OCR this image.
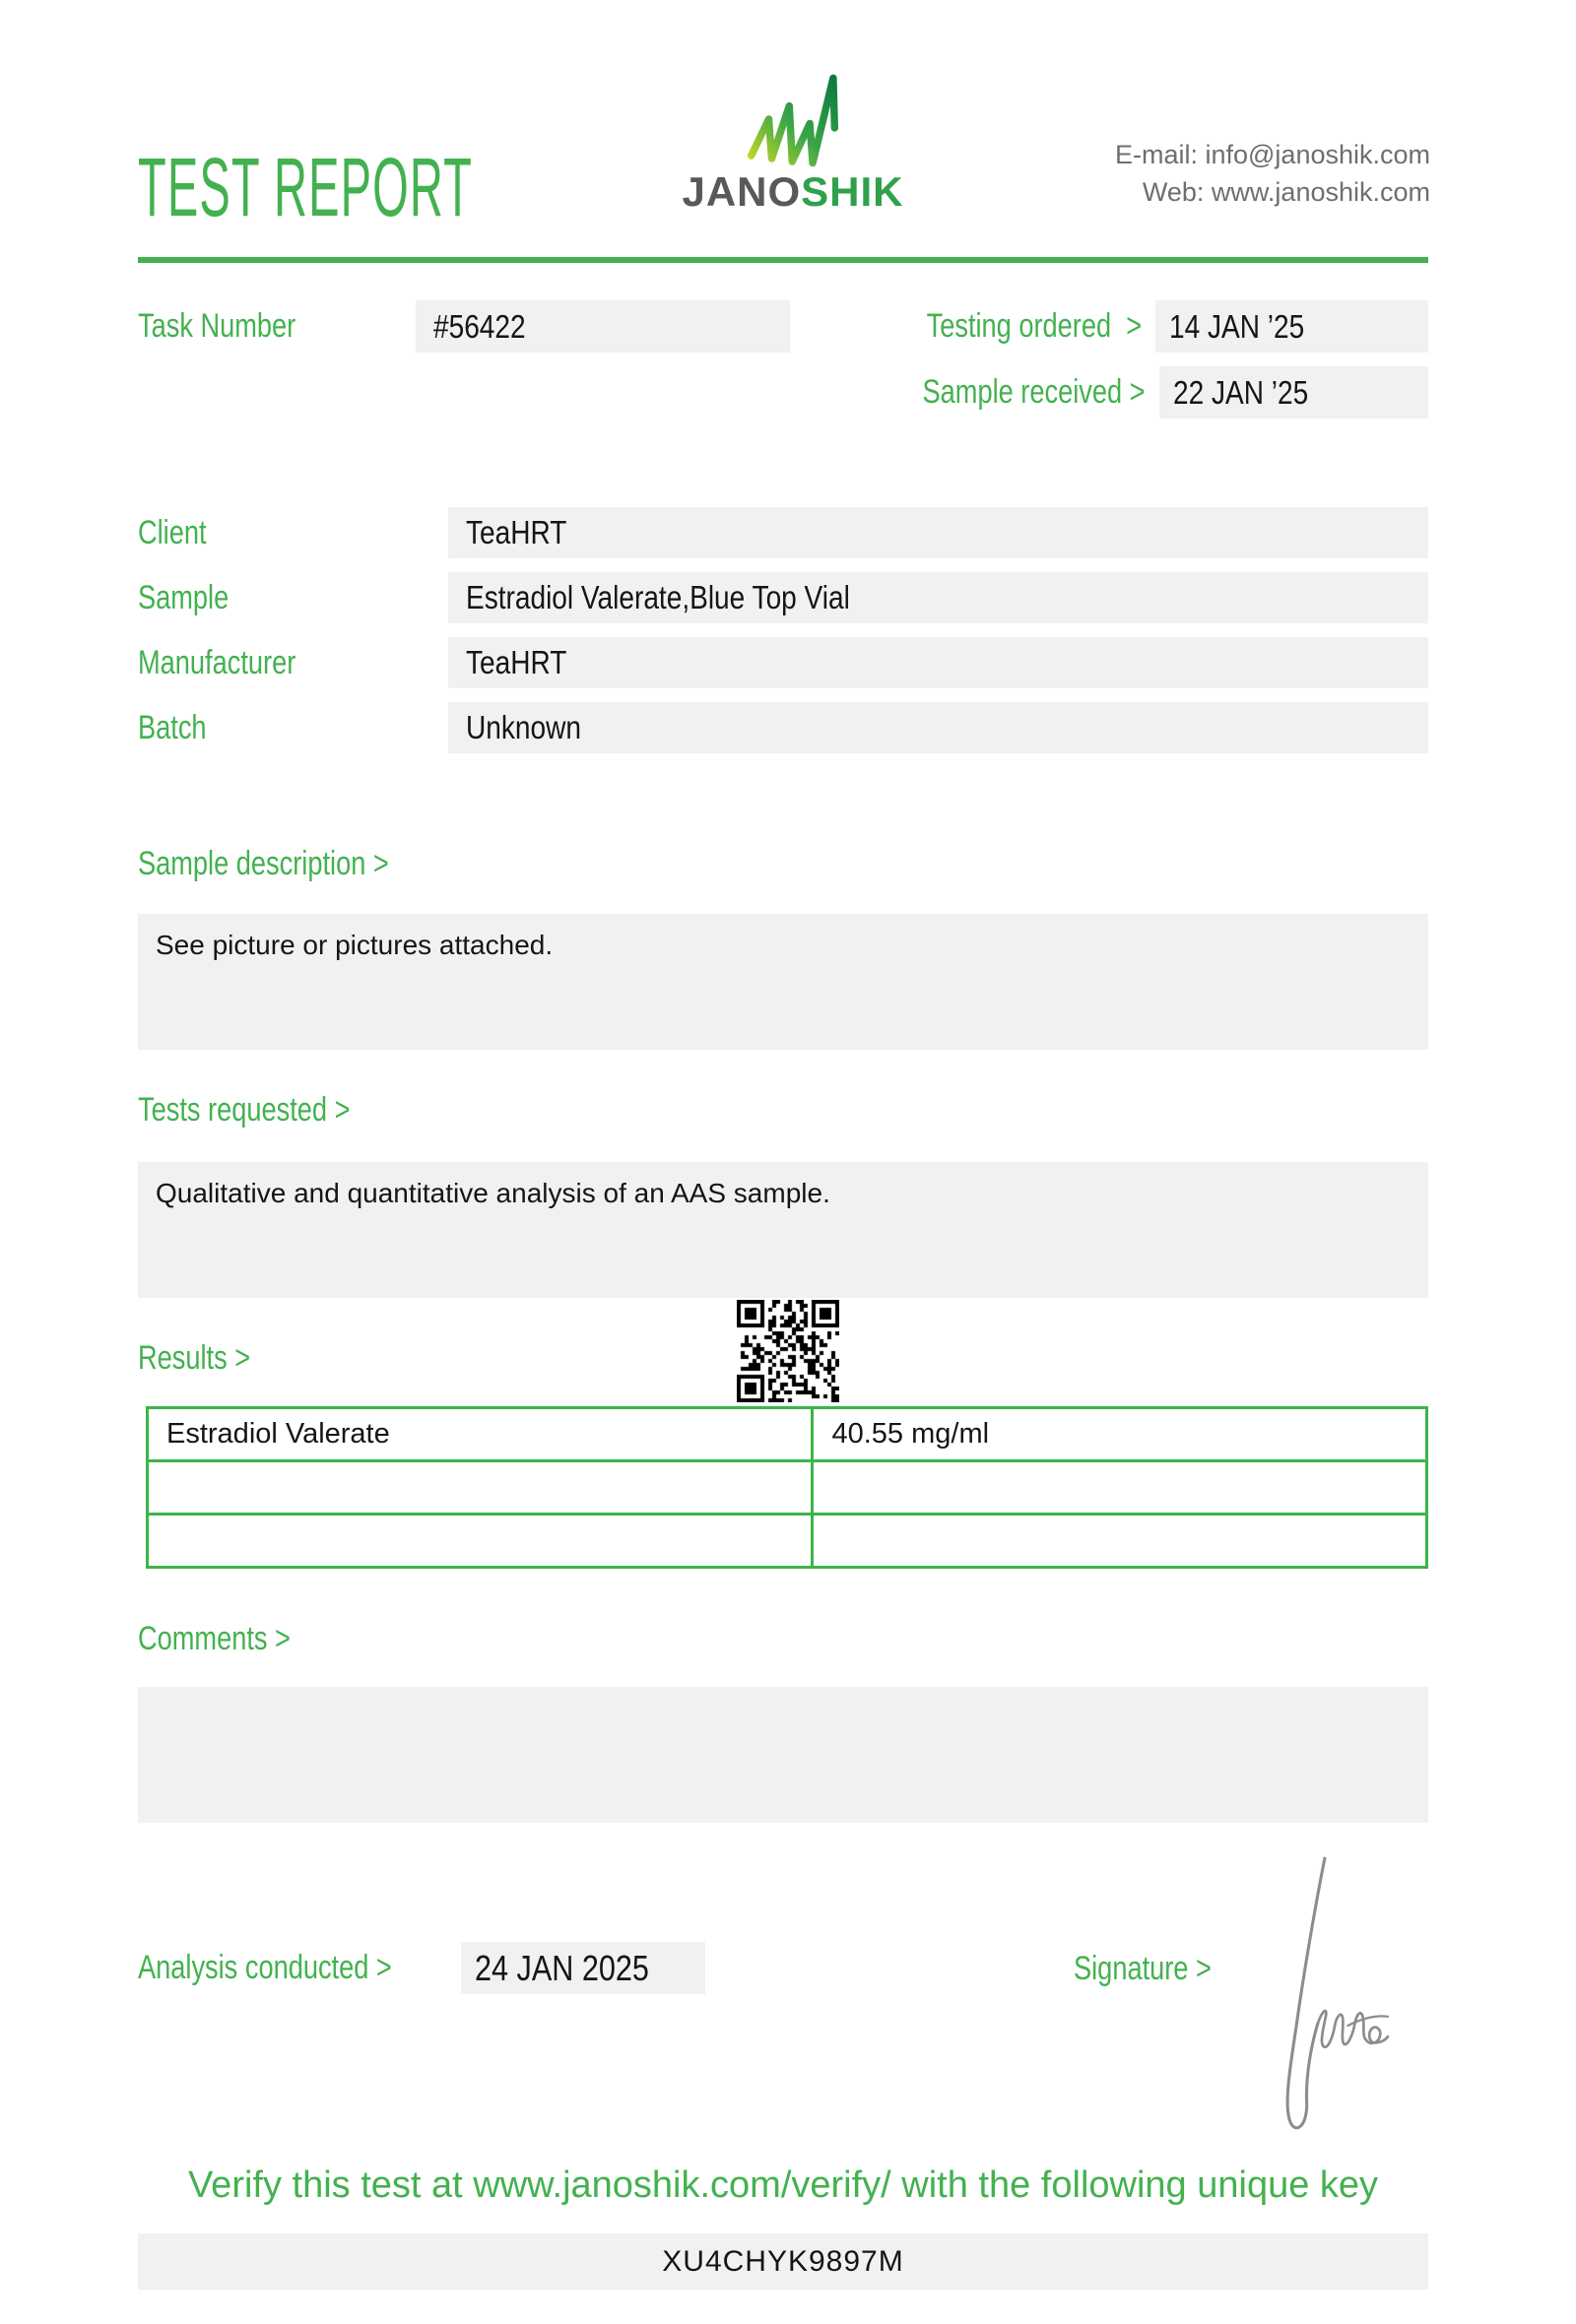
TEST REPORT	JANOSHIK
E-mail: info@janoshik.com
Web: www.janoshik.com
Task Number	#56422	Testing ordered > 14 JAN ’25
Sample received > 22 JAN ’25
Client	TeaHRT
Sample	Estradiol Valerate,Blue Top Vial
Manufacturer	TeaHRT
Batch	Unknown
Sample description >
See picture or pictures attached.
Tests requested >
Qualitative and quantitative analysis of an AAS sample.
Results >
Estradiol Valerate	40.55 mg/ml

Comments >
Analysis conducted > 24 JAN 2025	Signature >
Verify this test at www.janoshik.com/verify/ with the following unique key
XU4CHYK9897M
